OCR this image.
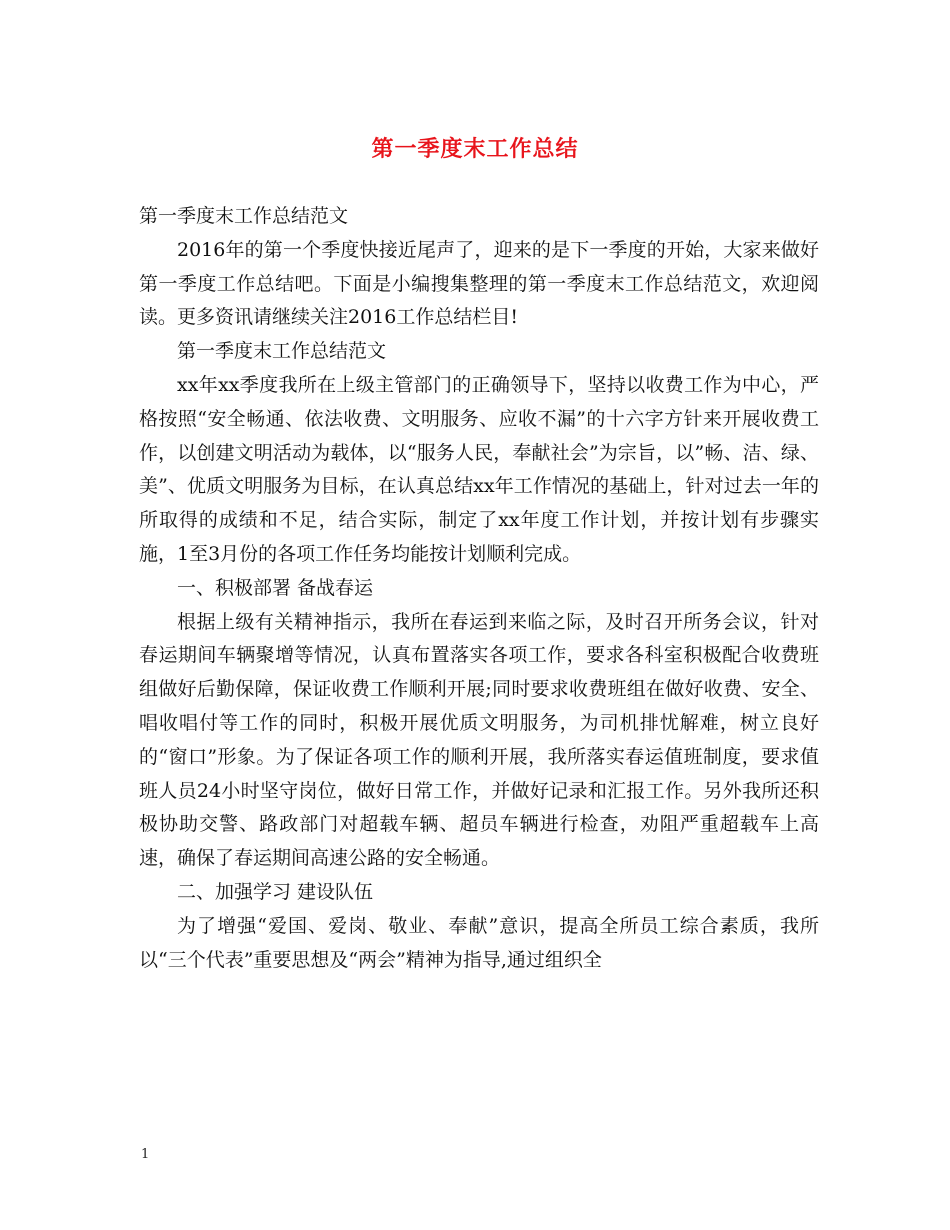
第一季度末工作总结

第一季度末工作总结范文

2016年的第一个季度快接近尾声了，迎来的是下一季度的开始，大家来做好第一季度工作总结吧。下面是小编搜集整理的第一季度末工作总结范文，欢迎阅读。更多资讯请继续关注2016工作总结栏目!

第一季度末工作总结范文

xx年xx季度我所在上级主管部门的正确领导下，坚持以收费工作为中心，严格按照“安全畅通、依法收费、文明服务、应收不漏”的十六字方针来开展收费工作，以创建文明活动为载体，以“服务人民，奉献社会”为宗旨，以”畅、洁、绿、美”、优质文明服务为目标，在认真总结xx年工作情况的基础上，针对过去一年的所取得的成绩和不足，结合实际，制定了xx年度工作计划，并按计划有步骤实施，1至3月份的各项工作任务均能按计划顺利完成。

一、积极部署 备战春运

根据上级有关精神指示，我所在春运到来临之际，及时召开所务会议，针对春运期间车辆聚增等情况，认真布置落实各项工作，要求各科室积极配合收费班组做好后勤保障，保证收费工作顺利开展;同时要求收费班组在做好收费、安全、唱收唱付等工作的同时，积极开展优质文明服务，为司机排忧解难，树立良好的“窗口”形象。为了保证各项工作的顺利开展，我所落实春运值班制度，要求值班人员24小时坚守岗位，做好日常工作，并做好记录和汇报工作。另外我所还积极协助交警、路政部门对超载车辆、超员车辆进行检查，劝阻严重超载车上高速，确保了春运期间高速公路的安全畅通。

二、加强学习 建设队伍

为了增强“爱国、爱岗、敬业、奉献”意识，提高全所员工综合素质，我所以“三个代表”重要思想及“两会”精神为指导,通过组织全

1
